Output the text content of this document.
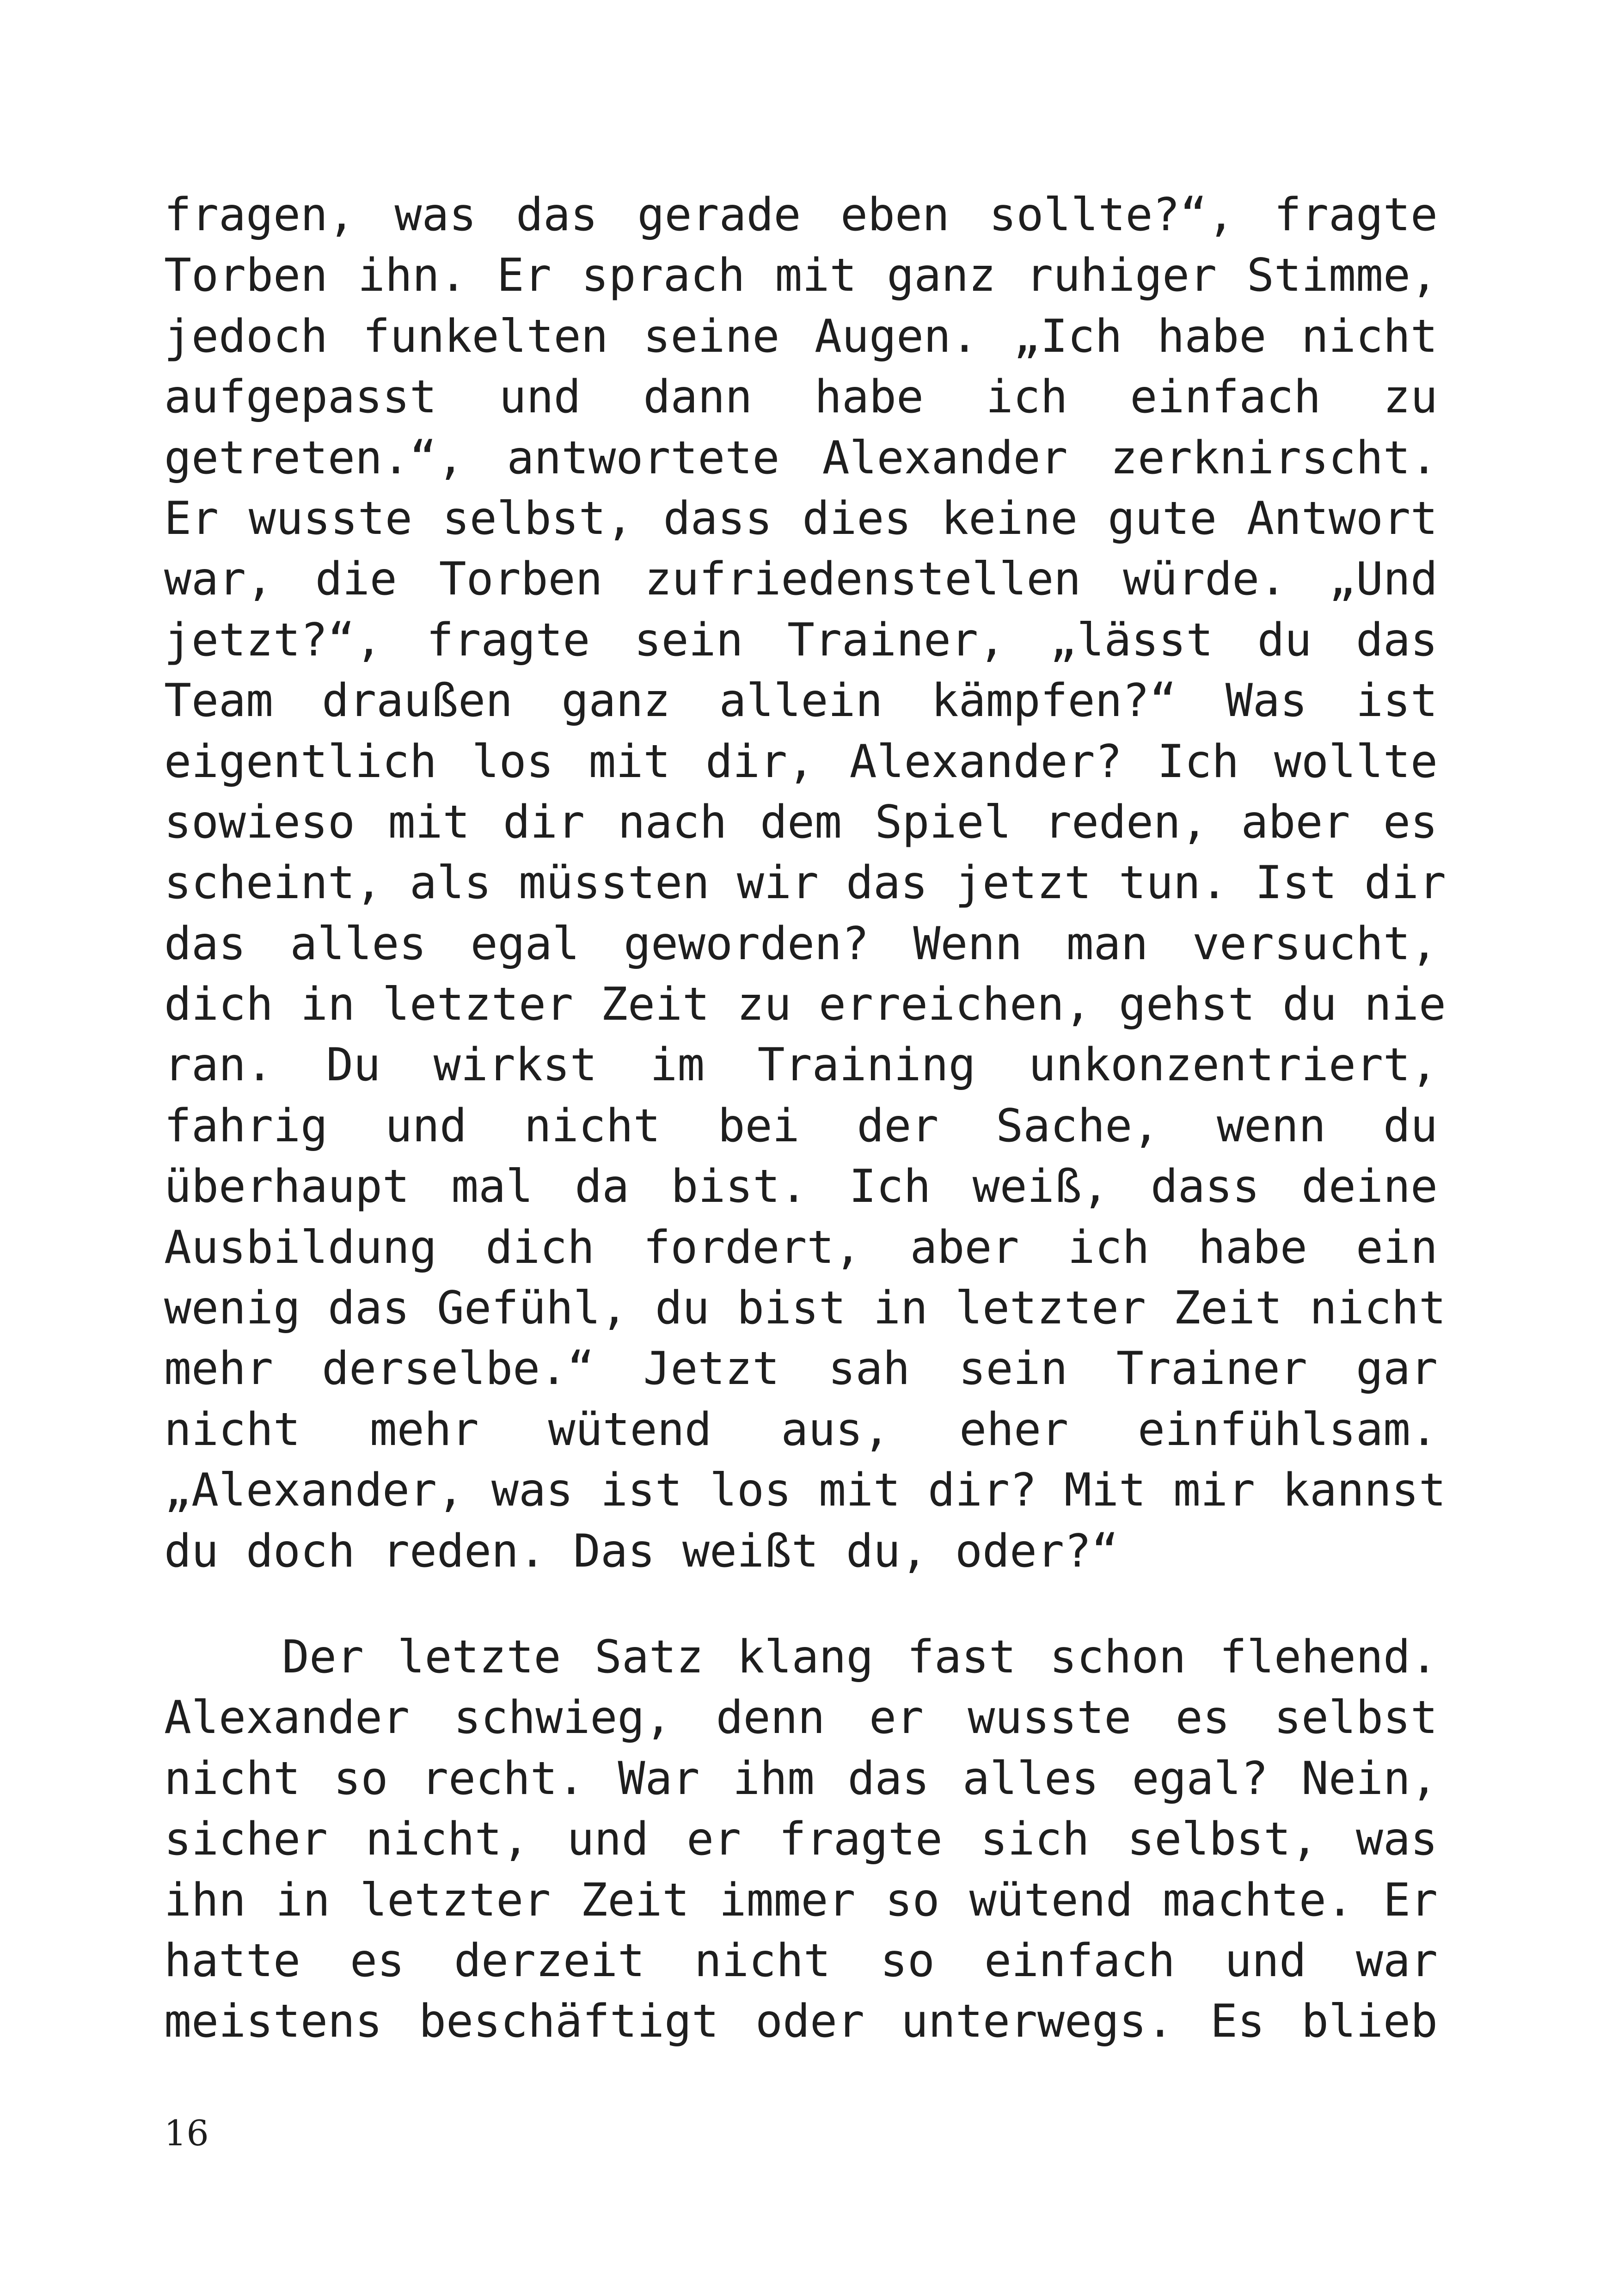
fragen, was das gerade eben sollte?“, fragte
Torben ihn. Er sprach mit ganz ruhiger Stimme,
jedoch funkelten seine Augen. „Ich habe nicht
aufgepasst und dann habe ich einfach zu
getreten.“, antwortete Alexander zerknirscht.
Er wusste selbst, dass dies keine gute Antwort
war, die Torben zufriedenstellen würde. „Und
jetzt?“, fragte sein Trainer, „lässt du das
Team draußen ganz allein kämpfen?“ Was ist
eigentlich los mit dir, Alexander? Ich wollte
sowieso mit dir nach dem Spiel reden, aber es
scheint, als müssten wir das jetzt tun. Ist dir
das alles egal geworden? Wenn man versucht,
dich in letzter Zeit zu erreichen, gehst du nie
ran. Du wirkst im Training unkonzentriert,
fahrig und nicht bei der Sache, wenn du
überhaupt mal da bist. Ich weiß, dass deine
Ausbildung dich fordert, aber ich habe ein
wenig das Gefühl, du bist in letzter Zeit nicht
mehr derselbe.“ Jetzt sah sein Trainer gar
nicht mehr wütend aus, eher einfühlsam.
„Alexander, was ist los mit dir? Mit mir kannst
du doch reden. Das weißt du, oder?“
Der letzte Satz klang fast schon flehend.
Alexander schwieg, denn er wusste es selbst
nicht so recht. War ihm das alles egal? Nein,
sicher nicht, und er fragte sich selbst, was
ihn in letzter Zeit immer so wütend machte. Er
hatte es derzeit nicht so einfach und war
meistens beschäftigt oder unterwegs. Es blieb
16
